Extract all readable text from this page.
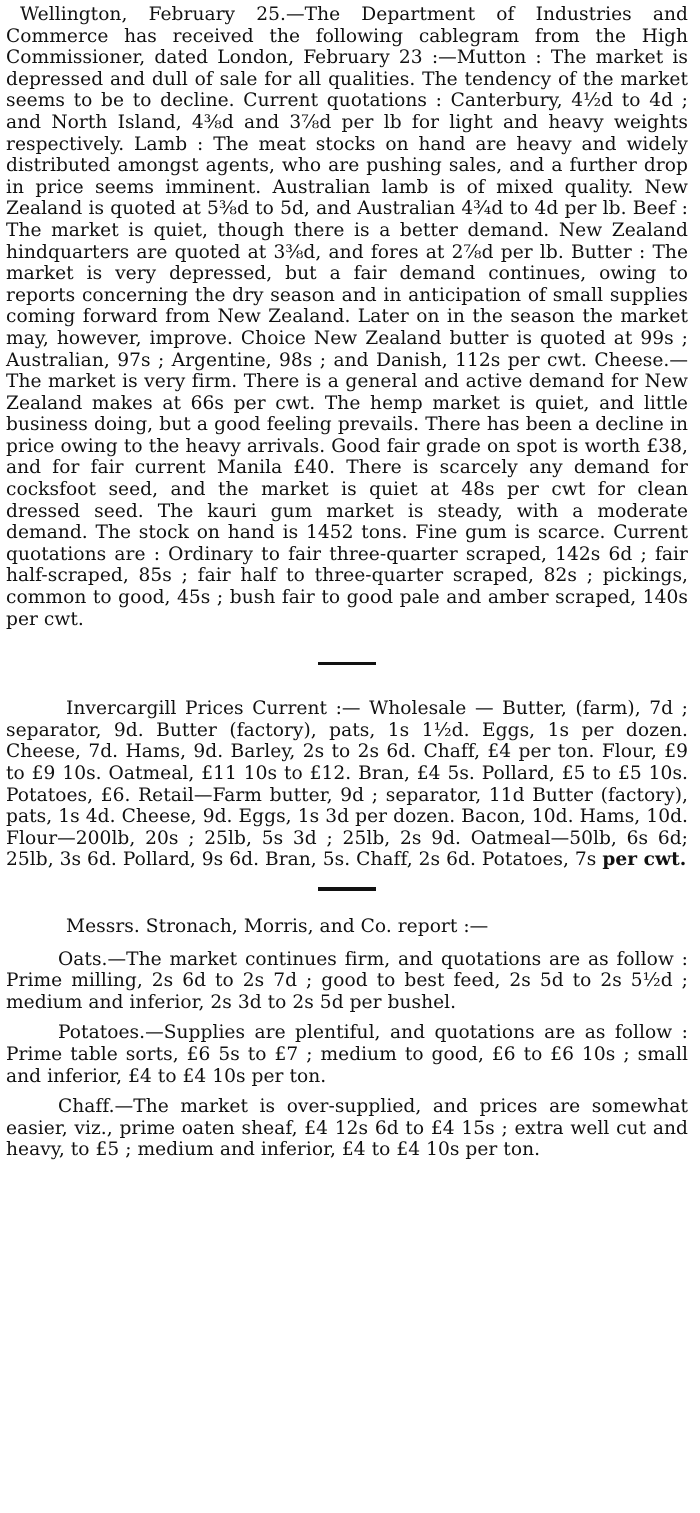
Wellington, February 25.—The Department of Industries and Commerce has received the following cablegram from the High Commissioner, dated London, February 23 :—Mutton : The market is depressed and dull of sale for all qualities. The tendency of the market seems to be to decline. Current quotations : Canterbury, 4½d to 4d ; and North Island, 4⅜d and 3⅞d per lb for light and heavy weights respectively. Lamb : The meat stocks on hand are heavy and widely distributed amongst agents, who are pushing sales, and a further drop in price seems imminent. Australian lamb is of mixed quality. New Zealand is quoted at 5⅜d to 5d, and Australian 4¾d to 4d per lb. Beef : The market is quiet, though there is a better demand. New Zealand hindquarters are quoted at 3⅜d, and fores at 2⅞d per lb. Butter : The market is very depressed, but a fair demand continues, owing to reports concerning the dry season and in anticipation of small supplies coming forward from New Zealand. Later on in the season the market may, however, improve. Choice New Zealand butter is quoted at 99s ; Australian, 97s ; Argentine, 98s ; and Danish, 112s per cwt. Cheese.—The market is very firm. There is a general and active demand for New Zealand makes at 66s per cwt. The hemp market is quiet, and little business doing, but a good feeling prevails. There has been a decline in price owing to the heavy arrivals. Good fair grade on spot is worth £38, and for fair current Manila £40. There is scarcely any demand for cocksfoot seed, and the market is quiet at 48s per cwt for clean dressed seed. The kauri gum market is steady, with a moderate demand. The stock on hand is 1452 tons. Fine gum is scarce. Current quotations are : Ordinary to fair three-quarter scraped, 142s 6d ; fair half-scraped, 85s ; fair half to three-quarter scraped, 82s ; pickings, common to good, 45s ; bush fair to good pale and amber scraped, 140s per cwt.

Invercargill Prices Current :— Wholesale — Butter, (farm), 7d ; separator, 9d. Butter (factory), pats, 1s 1½d. Eggs, 1s per dozen. Cheese, 7d. Hams, 9d. Barley, 2s to 2s 6d. Chaff, £4 per ton. Flour, £9 to £9 10s. Oatmeal, £11 10s to £12. Bran, £4 5s. Pollard, £5 to £5 10s. Potatoes, £6. Retail—Farm butter, 9d ; separator, 11d Butter (factory), pats, 1s 4d. Cheese, 9d. Eggs, 1s 3d per dozen. Bacon, 10d. Hams, 10d. Flour—200lb, 20s ; 25lb, 5s 3d ; 25lb, 2s 9d. Oatmeal—50lb, 6s 6d; 25lb, 3s 6d. Pollard, 9s 6d. Bran, 5s. Chaff, 2s 6d. Potatoes, 7s per cwt.

Messrs. Stronach, Morris, and Co. report :—

Oats.—The market continues firm, and quotations are as follow : Prime milling, 2s 6d to 2s 7d ; good to best feed, 2s 5d to 2s 5½d ; medium and inferior, 2s 3d to 2s 5d per bushel.

Potatoes.—Supplies are plentiful, and quotations are as follow : Prime table sorts, £6 5s to £7 ; medium to good, £6 to £6 10s ; small and inferior, £4 to £4 10s per ton.

Chaff.—The market is over-supplied, and prices are somewhat easier, viz., prime oaten sheaf, £4 12s 6d to £4 15s ; extra well cut and heavy, to £5 ; medium and inferior, £4 to £4 10s per ton.
